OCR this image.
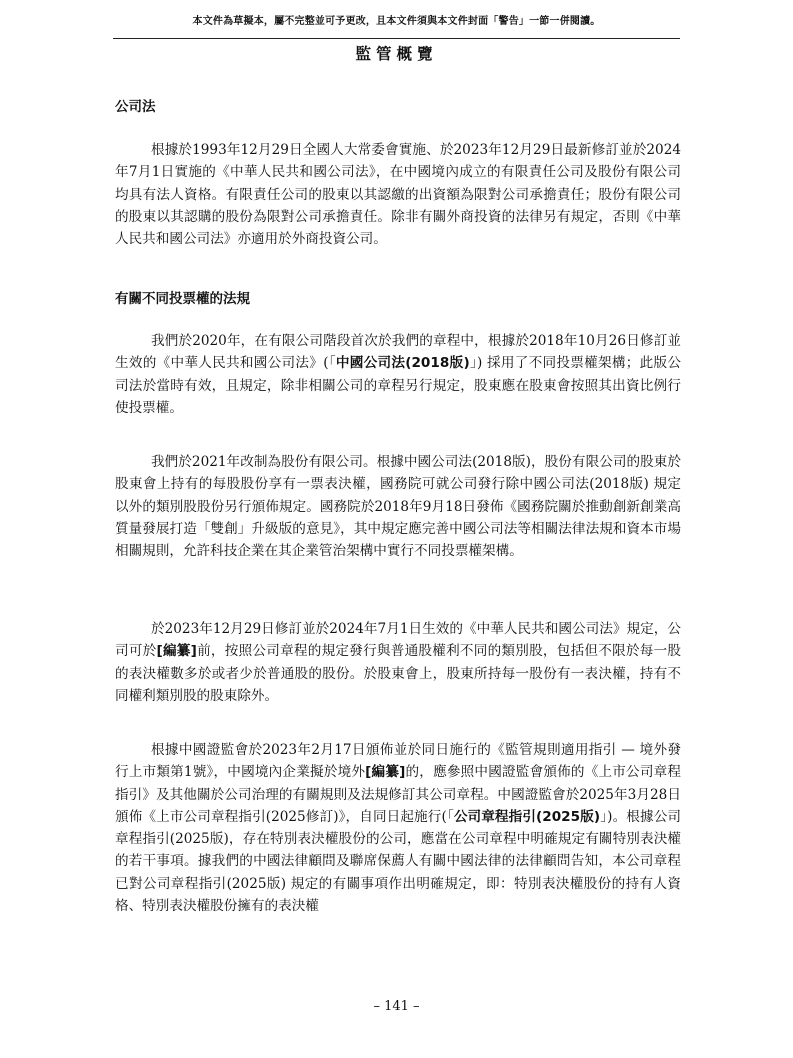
本文件為草擬本，屬不完整並可予更改，且本文件須與本文件封面「警告」一節一併閱讀。
監管概覽
公司法

根據於1993年12月29日全國人大常委會實施、於2023年12月29日最新修訂並於2024年7月1日實施的《中華人民共和國公司法》，在中國境內成立的有限責任公司及股份有限公司均具有法人資格。有限責任公司的股東以其認繳的出資額為限對公司承擔責任；股份有限公司的股東以其認購的股份為限對公司承擔責任。除非有關外商投資的法律另有規定，否則《中華人民共和國公司法》亦適用於外商投資公司。

有關不同投票權的法規

我們於2020年，在有限公司階段首次於我們的章程中，根據於2018年10月26日修訂並生效的《中華人民共和國公司法》(「中國公司法(2018版)」) 採用了不同投票權架構；此版公司法於當時有效，且規定，除非相關公司的章程另行規定，股東應在股東會按照其出資比例行使投票權。

我們於2021年改制為股份有限公司。根據中國公司法(2018版)，股份有限公司的股東於股東會上持有的每股股份享有一票表決權，國務院可就公司發行除中國公司法(2018版) 規定以外的類別股股份另行頒佈規定。國務院於2018年9月18日發佈《國務院關於推動創新創業高質量發展打造「雙創」升級版的意見》，其中規定應完善中國公司法等相關法律法規和資本市場相關規則，允許科技企業在其企業管治架構中實行不同投票權架構。

於2023年12月29日修訂並於2024年7月1日生效的《中華人民共和國公司法》規定，公司可於[編纂]前，按照公司章程的規定發行與普通股權利不同的類別股，包括但不限於每一股的表決權數多於或者少於普通股的股份。於股東會上，股東所持每一股份有一表決權，持有不同權利類別股的股東除外。

根據中國證監會於2023年2月17日頒佈並於同日施行的《監管規則適用指引 — 境外發行上市類第1號》，中國境內企業擬於境外[編纂]的，應參照中國證監會頒佈的《上市公司章程指引》及其他關於公司治理的有關規則及法規修訂其公司章程。中國證監會於2025年3月28日頒佈《上市公司章程指引(2025修訂)》，自同日起施行(「公司章程指引(2025版)」)。根據公司章程指引(2025版)，存在特別表決權股份的公司，應當在公司章程中明確規定有關特別表決權的若干事項。據我們的中國法律顧問及聯席保薦人有關中國法律的法律顧問告知，本公司章程已對公司章程指引(2025版) 規定的有關事項作出明確規定，即：特別表決權股份的持有人資格、特別表決權股份擁有的表決權

– 141 –
